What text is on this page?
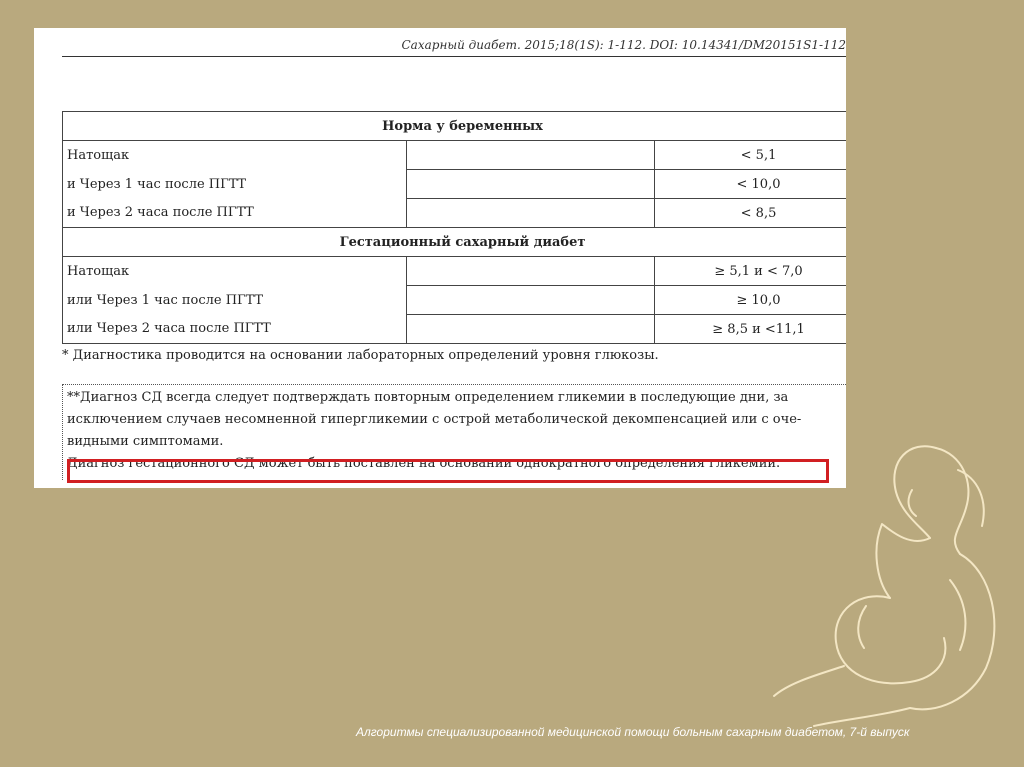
Сахарный диабет. 2015;18(1S): 1-112. DOI: 10.14341/DM20151S1-112
Норма у беременных		
Натощак		< 5,1
и Через 1 час после ПГТТ		< 10,0
и Через 2 часа после ПГТТ		< 8,5
Гестационный сахарный диабет		
Натощак		≥ 5,1 и < 7,0
или Через 1 час после ПГТТ		≥ 10,0
или Через 2 часа после ПГТТ		≥ 8,5 и <11,1
* Диагностика проводится на основании лабораторных определений уровня глюкозы.

**Диагноз СД всегда следует подтверждать повторным определением гликемии в последующие дни, за

исключением случаев несомненной гипергликемии с острой метаболической декомпенсацией или с оче-

видными симптомами.

Диагноз гестационного СД может быть поставлен на основании однократного определения гликемии.

Алгоритмы специализированной медицинской помощи больным сахарным диабетом, 7-й выпуск
